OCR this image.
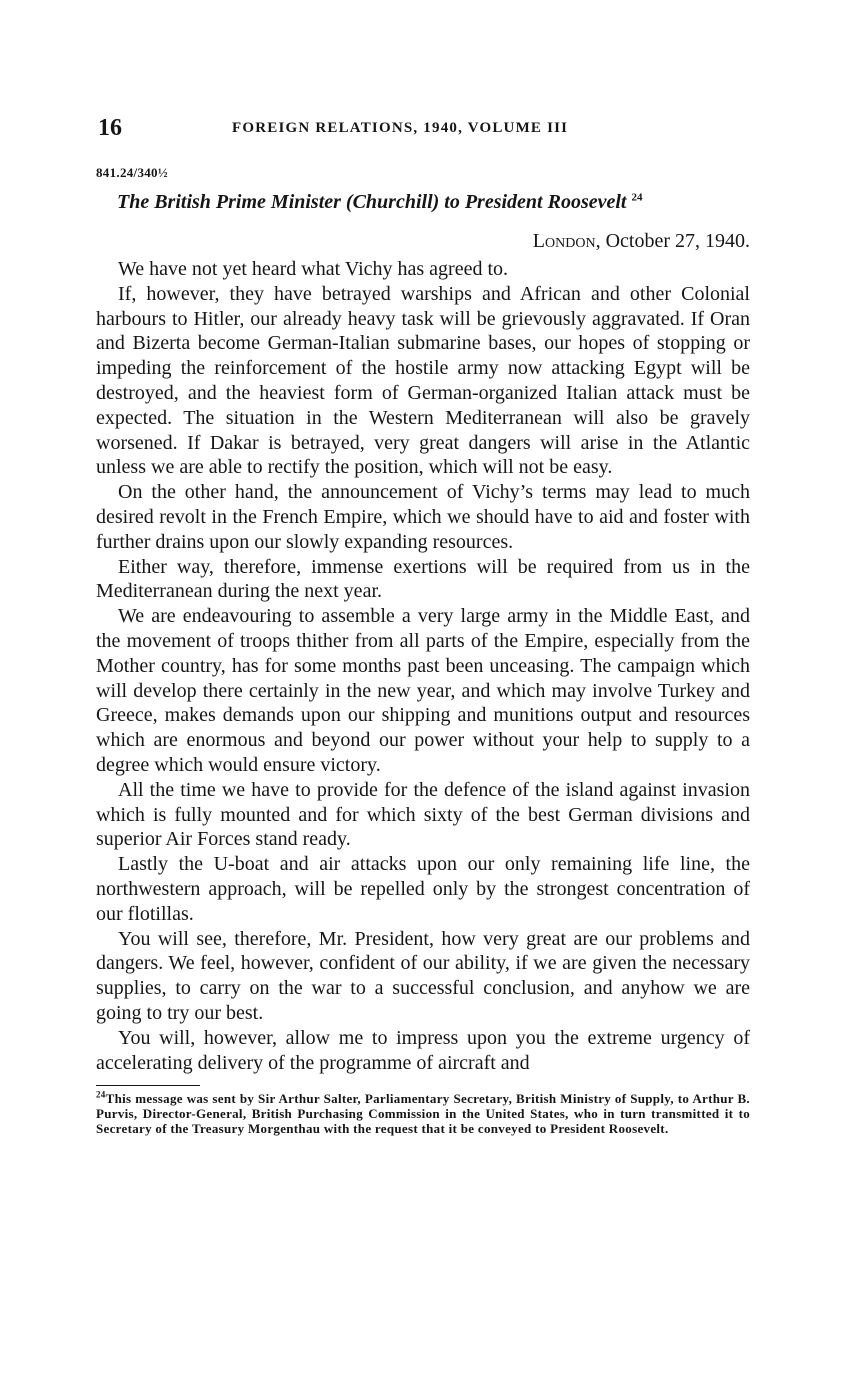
16	FOREIGN RELATIONS, 1940, VOLUME III
841.24/340½
The British Prime Minister (Churchill) to President Roosevelt $^{24}$
London, October 27, 1940.

We have not yet heard what Vichy has agreed to.

If, however, they have betrayed warships and African and other Colonial harbours to Hitler, our already heavy task will be grievously aggravated. If Oran and Bizerta become German-Italian submarine bases, our hopes of stopping or impeding the reinforcement of the hostile army now attacking Egypt will be destroyed, and the heaviest form of German-organized Italian attack must be expected. The situation in the Western Mediterranean will also be gravely worsened. If Dakar is betrayed, very great dangers will arise in the Atlantic unless we are able to rectify the position, which will not be easy.

On the other hand, the announcement of Vichy’s terms may lead to much desired revolt in the French Empire, which we should have to aid and foster with further drains upon our slowly expanding resources.

Either way, therefore, immense exertions will be required from us in the Mediterranean during the next year.

We are endeavouring to assemble a very large army in the Middle East, and the movement of troops thither from all parts of the Empire, especially from the Mother country, has for some months past been unceasing. The campaign which will develop there certainly in the new year, and which may involve Turkey and Greece, makes demands upon our shipping and munitions output and resources which are enormous and beyond our power without your help to supply to a degree which would ensure victory.

All the time we have to provide for the defence of the island against invasion which is fully mounted and for which sixty of the best German divisions and superior Air Forces stand ready.

Lastly the U-boat and air attacks upon our only remaining life line, the northwestern approach, will be repelled only by the strongest concentration of our flotillas.

You will see, therefore, Mr. President, how very great are our problems and dangers. We feel, however, confident of our ability, if we are given the necessary supplies, to carry on the war to a successful conclusion, and anyhow we are going to try our best.

You will, however, allow me to impress upon you the extreme urgency of accelerating delivery of the programme of aircraft and

$^{24}$This message was sent by Sir Arthur Salter, Parliamentary Secretary, British Ministry of Supply, to Arthur B. Purvis, Director-General, British Purchasing Commission in the United States, who in turn transmitted it to Secretary of the Treasury Morgenthau with the request that it be conveyed to President Roosevelt.
